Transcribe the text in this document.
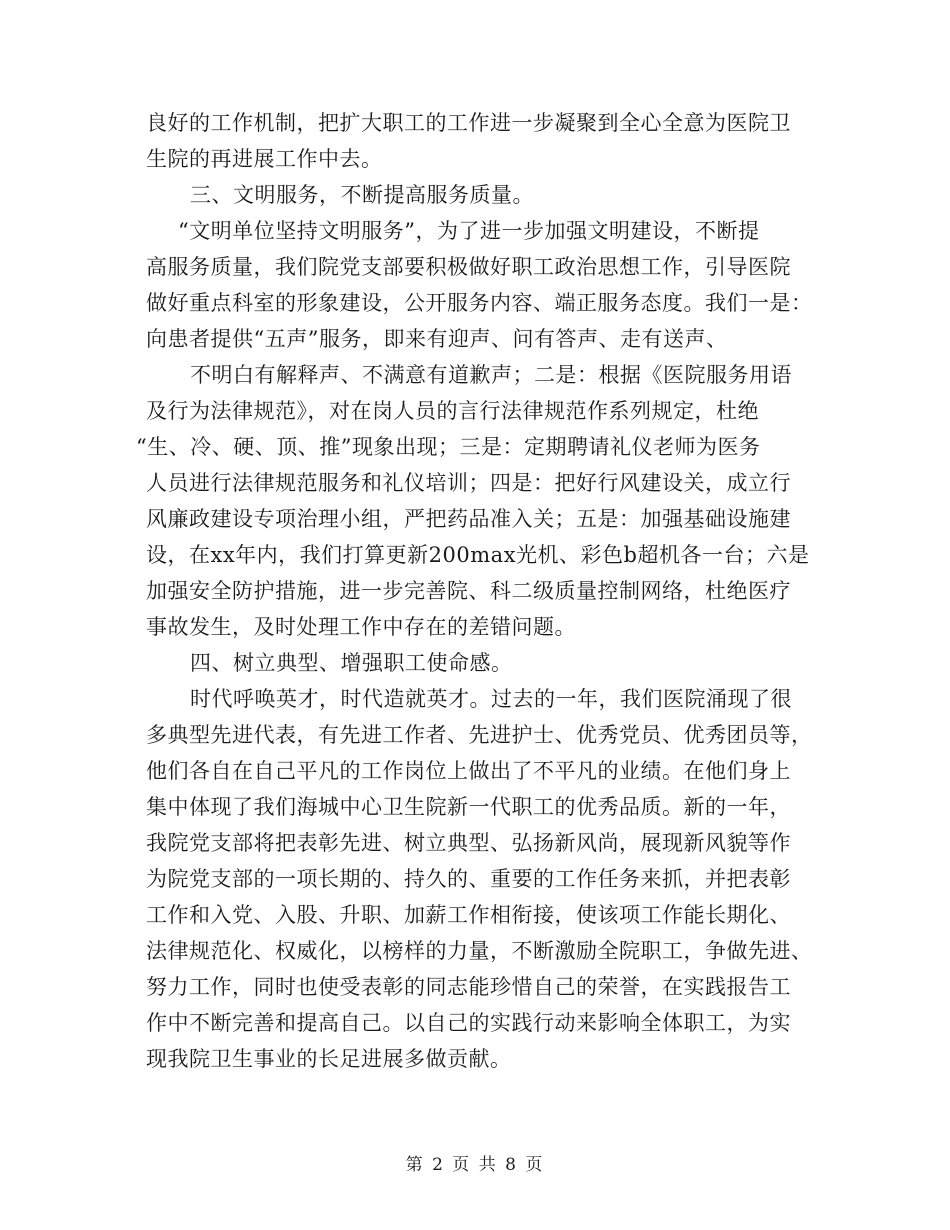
良好的工作机制，把扩大职工的工作进一步凝聚到全心全意为医院卫
生院的再进展工作中去。
三、文明服务，不断提高服务质量。
“文明单位坚持文明服务”，为了进一步加强文明建设，不断提
高服务质量，我们院党支部要积极做好职工政治思想工作，引导医院
做好重点科室的形象建设，公开服务内容、端正服务态度。我们一是：
向患者提供“五声”服务，即来有迎声、问有答声、走有送声、
不明白有解释声、不满意有道歉声；二是：根据《医院服务用语
及行为法律规范》，对在岗人员的言行法律规范作系列规定，杜绝
“生、冷、硬、顶、推”现象出现；三是：定期聘请礼仪老师为医务
人员进行法律规范服务和礼仪培训；四是：把好行风建设关，成立行
风廉政建设专项治理小组，严把药品准入关；五是：加强基础设施建
设，在xx年内，我们打算更新200max光机、彩色b超机各一台；六是
加强安全防护措施，进一步完善院、科二级质量控制网络，杜绝医疗
事故发生，及时处理工作中存在的差错问题。
四、树立典型、增强职工使命感。
时代呼唤英才，时代造就英才。过去的一年，我们医院涌现了很
多典型先进代表，有先进工作者、先进护士、优秀党员、优秀团员等，
他们各自在自己平凡的工作岗位上做出了不平凡的业绩。在他们身上
集中体现了我们海城中心卫生院新一代职工的优秀品质。新的一年，
我院党支部将把表彰先进、树立典型、弘扬新风尚，展现新风貌等作
为院党支部的一项长期的、持久的、重要的工作任务来抓，并把表彰
工作和入党、入股、升职、加薪工作相衔接，使该项工作能长期化、
法律规范化、权威化，以榜样的力量，不断激励全院职工，争做先进、
努力工作，同时也使受表彰的同志能珍惜自己的荣誉，在实践报告工
作中不断完善和提高自己。以自己的实践行动来影响全体职工，为实
现我院卫生事业的长足进展多做贡献。
第 2 页 共 8 页
